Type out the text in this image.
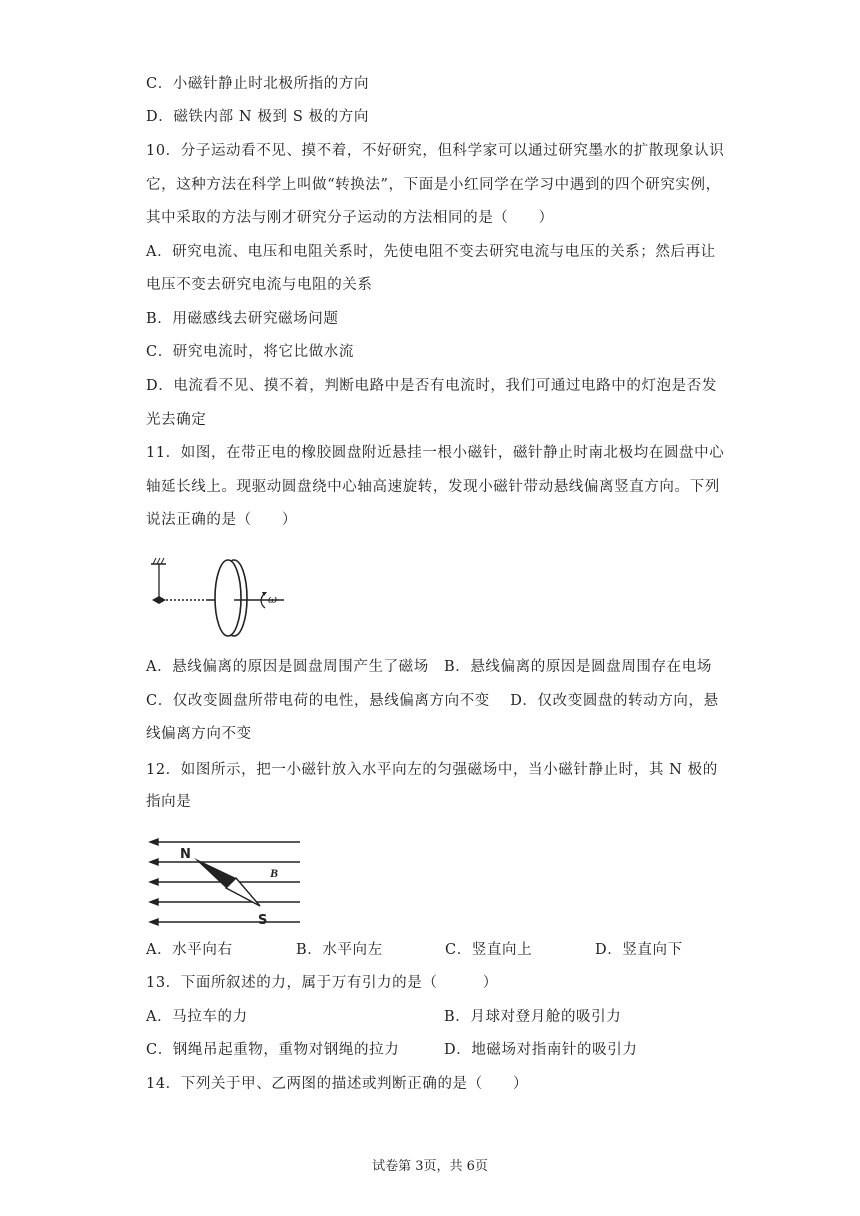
C．小磁针静止时北极所指的方向
D．磁铁内部 N 极到 S 极的方向
10．分子运动看不见、摸不着，不好研究，但科学家可以通过研究墨水的扩散现象认识
它，这种方法在科学上叫做“转换法”，下面是小红同学在学习中遇到的四个研究实例，
其中采取的方法与刚才研究分子运动的方法相同的是（　　）
A．研究电流、电压和电阻关系时，先使电阻不变去研究电流与电压的关系；然后再让
电压不变去研究电流与电阻的关系
B．用磁感线去研究磁场问题
C．研究电流时，将它比做水流
D．电流看不见、摸不着，判断电路中是否有电流时，我们可通过电路中的灯泡是否发
光去确定
11．如图，在带正电的橡胶圆盘附近悬挂一根小磁针，磁针静止时南北极均在圆盘中心
轴延长线上。现驱动圆盘绕中心轴高速旋转，发现小磁针带动悬线偏离竖直方向。下列
说法正确的是（　　）
ω
A．悬线偏离的原因是圆盘周围产生了磁场　B．悬线偏离的原因是圆盘周围存在电场
C．仅改变圆盘所带电荷的电性，悬线偏离方向不变　 D．仅改变圆盘的转动方向，悬
线偏离方向不变
12．如图所示，把一小磁针放入水平向左的匀强磁场中，当小磁针静止时，其 N 极的
指向是
N
S
B
A．水平向右	B．水平向左	C．竖直向上	D．竖直向下
13．下面所叙述的力，属于万有引力的是（　　　）
A．马拉车的力	B．月球对登月舱的吸引力
C．钢绳吊起重物，重物对钢绳的拉力	D．地磁场对指南针的吸引力
14．下列关于甲、乙两图的描述或判断正确的是（　　）
试卷第 3页，共 6页
